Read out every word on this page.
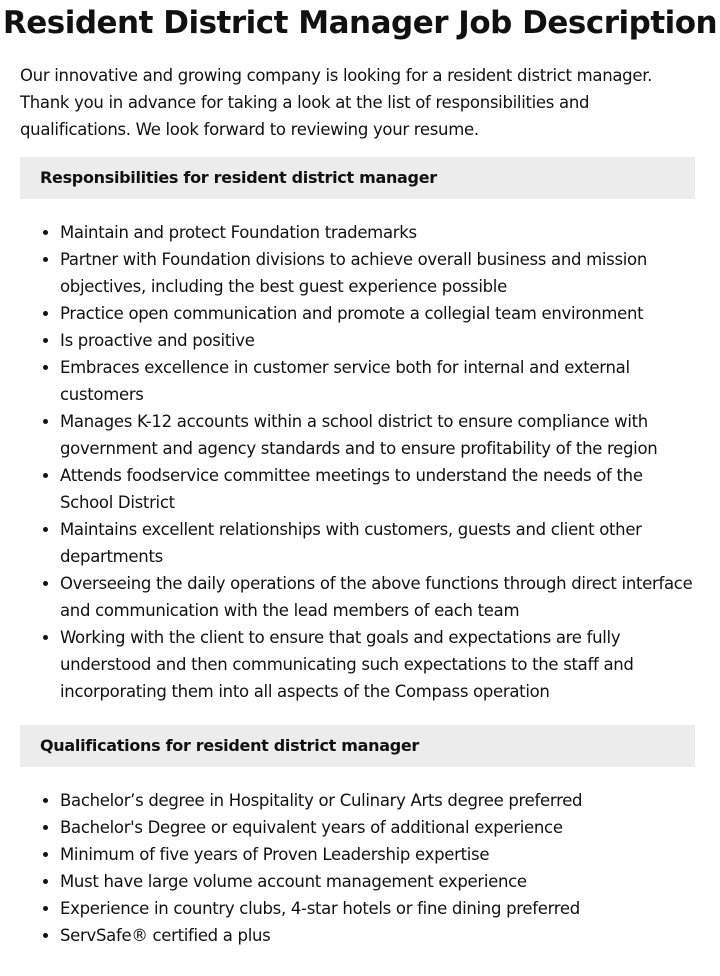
Resident District Manager Job Description

Our innovative and growing company is looking for a resident district manager. Thank you in advance for taking a look at the list of responsibilities and qualifications. We look forward to reviewing your resume.

Responsibilities for resident district manager
• Maintain and protect Foundation trademarks
• Partner with Foundation divisions to achieve overall business and mission objectives, including the best guest experience possible
• Practice open communication and promote a collegial team environment
• Is proactive and positive
• Embraces excellence in customer service both for internal and external customers
• Manages K-12 accounts within a school district to ensure compliance with government and agency standards and to ensure profitability of the region
• Attends foodservice committee meetings to understand the needs of the School District
• Maintains excellent relationships with customers, guests and client other departments
• Overseeing the daily operations of the above functions through direct interface and communication with the lead members of each team
• Working with the client to ensure that goals and expectations are fully understood and then communicating such expectations to the staff and incorporating them into all aspects of the Compass operation
Qualifications for resident district manager
• Bachelor’s degree in Hospitality or Culinary Arts degree preferred
• Bachelor's Degree or equivalent years of additional experience
• Minimum of five years of Proven Leadership expertise
• Must have large volume account management experience
• Experience in country clubs, 4-star hotels or fine dining preferred
• ServSafe® certified a plus
